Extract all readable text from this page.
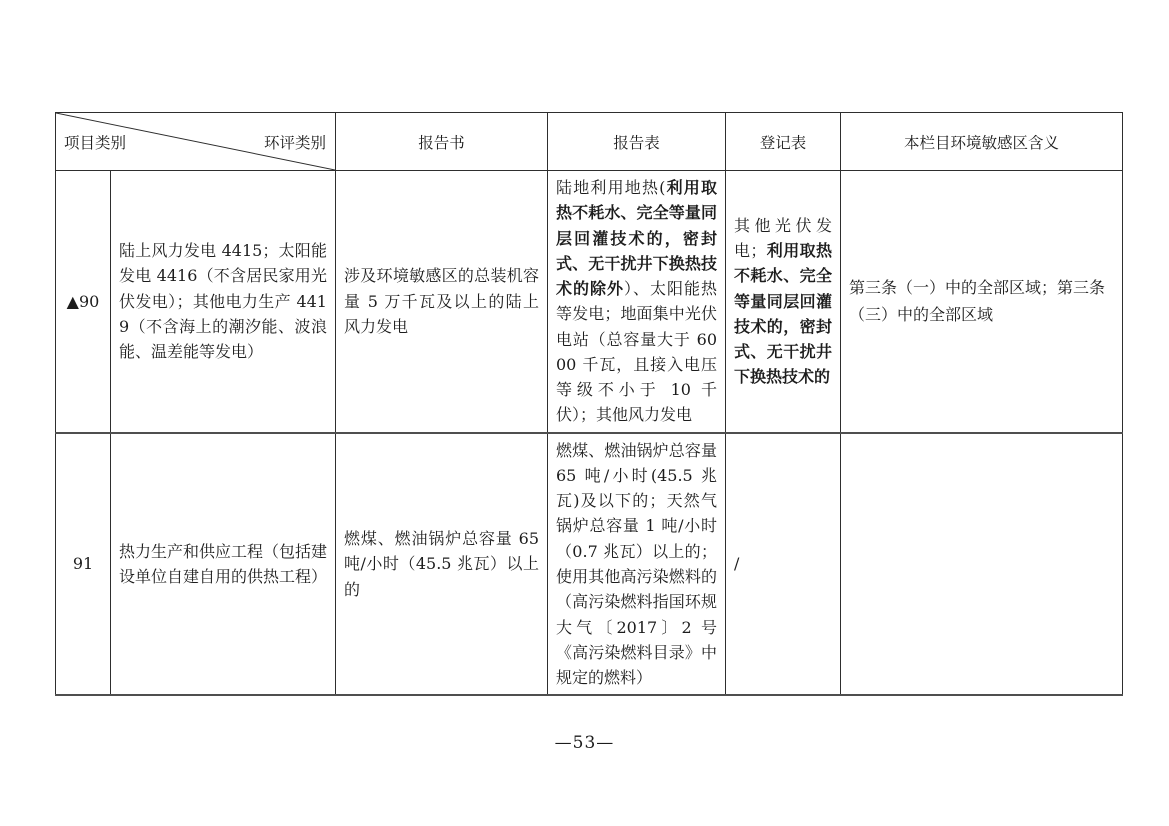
项目类别 环评类别		报告书	报告表	登记表	本栏目环境敏感区含义
▲90	陆上风力发电 4415；太阳能发电 4416（不含居民家用光伏发电）；其他电力生产 4419（不含海上的潮汐能、波浪能、温差能等发电）	涉及环境敏感区的总装机容量 5 万千瓦及以上的陆上风力发电	陆地利用地热(利用取热不耗水、完全等量同层回灌技术的，密封式、无干扰井下换热技术的除外）、太阳能热等发电；地面集中光伏电站（总容量大于 6000 千瓦，且接入电压等级不小于 10 千伏）；其他风力发电	其他光伏发电；利用取热不耗水、完全等量同层回灌技术的，密封式、无干扰井下换热技术的	第三条（一）中的全部区域；第三条（三）中的全部区域
91	热力生产和供应工程（包括建设单位自建自用的供热工程）	燃煤、燃油锅炉总容量 65 吨/小时（45.5 兆瓦）以上的	燃煤、燃油锅炉总容量 65 吨/小时(45.5 兆瓦)及以下的；天然气锅炉总容量 1 吨/小时（0.7 兆瓦）以上的；使用其他高污染燃料的（高污染燃料指国环规大气〔2017〕2 号《高污染燃料目录》中规定的燃料）	/	
—53—
